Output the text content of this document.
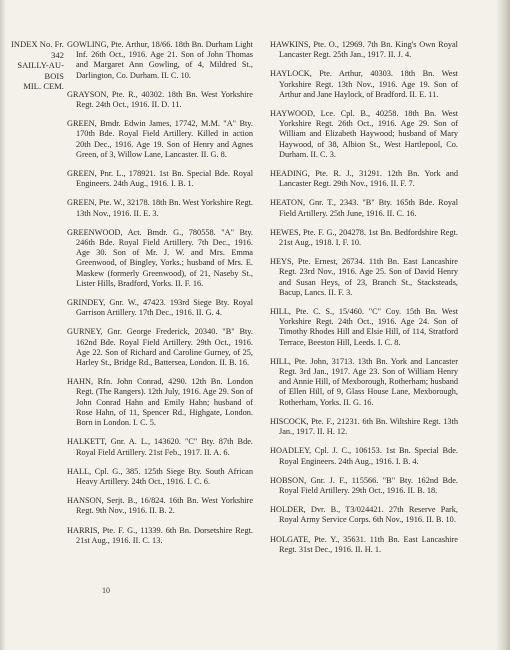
INDEX No. Fr. 342
SAILLY-AU-BOIS
MIL. CEM.

GOWLING, Pte. Arthur, 18/66. 18th Bn. Durham Light Inf. 26th Oct., 1916. Age 21. Son of John Thomas and Margaret Ann Gowling, of 4, Mildred St., Darlington, Co. Durham. II. C. 10.

GRAYSON, Pte. R., 40302. 18th Bn. West Yorkshire Regt. 24th Oct., 1916. II. D. 11.

GREEN, Bmdr. Edwin James, 17742, M.M. "A" Bty. 170th Bde. Royal Field Artillery. Killed in action 20th Dec., 1916. Age 19. Son of Henry and Agnes Green, of 3, Willow Lane, Lancaster. II. G. 8.

GREEN, Pnr. L., 178921. 1st Bn. Special Bde. Royal Engineers. 24th Aug., 1916. I. B. 1.

GREEN, Pte. W., 32178. 18th Bn. West Yorkshire Regt. 13th Nov., 1916. II. E. 3.

GREENWOOD, Act. Bmdr. G., 780558. "A" Bty. 246th Bde. Royal Field Artillery. 7th Dec., 1916. Age 30. Son of Mr. J. W. and Mrs. Emma Greenwood, of Bingley, Yorks.; husband of Mrs. E. Maskew (formerly Greenwood), of 21, Naseby St., Lister Hills, Bradford, Yorks. II. F. 16.

GRINDEY, Gnr. W., 47423. 193rd Siege Bty. Royal Garrison Artillery. 17th Dec., 1916. II. G. 4.

GURNEY, Gnr. George Frederick, 20340. "B" Bty. 162nd Bde. Royal Field Artillery. 29th Oct., 1916. Age 22. Son of Richard and Caroline Gurney, of 25, Harley St., Bridge Rd., Battersea, London. II. B. 16.

HAHN, Rfn. John Conrad, 4290. 12th Bn. London Regt. (The Rangers). 12th July, 1916. Age 29. Son of John Conrad Hahn and Emily Hahn; husband of Rose Hahn, of 11, Spencer Rd., Highgate, London. Born in London. I. C. 5.

HALKETT, Gnr. A. L., 143620. "C" Bty. 87th Bde. Royal Field Artillery. 21st Feb., 1917. II. A. 6.

HALL, Cpl. G., 385. 125th Siege Bty. South African Heavy Artillery. 24th Oct., 1916. I. C. 6.

HANSON, Serjt. B., 16/824. 16th Bn. West Yorkshire Regt. 9th Nov., 1916. II. B. 2.

HARRIS, Pte. F. G., 11339. 6th Bn. Dorsetshire Regt. 21st Aug., 1916. II. C. 13.

HAWKINS, Pte. O., 12969. 7th Bn. King's Own Royal Lancaster Regt. 25th Jan., 1917. II. J. 4.

HAYLOCK, Pte. Arthur, 40303. 18th Bn. West Yorkshire Regt. 13th Nov., 1916. Age 19. Son of Arthur and Jane Haylock, of Bradford. II. E. 11.

HAYWOOD, Lce. Cpl. B., 40258. 18th Bn. West Yorkshire Regt. 26th Oct., 1916. Age 29. Son of William and Elizabeth Haywood; husband of Mary Haywood, of 38, Albion St., West Hartlepool, Co. Durham. II. C. 3.

HEADING, Pte. R. J., 31291. 12th Bn. York and Lancaster Regt. 29th Nov., 1916. II. F. 7.

HEATON, Gnr. T., 2343. "B" Bty. 165th Bde. Royal Field Artillery. 25th June, 1916. II. C. 16.

HEWES, Pte. F. G., 204278. 1st Bn. Bedfordshire Regt. 21st Aug., 1918. I. F. 10.

HEYS, Pte. Ernest, 26734. 11th Bn. East Lancashire Regt. 23rd Nov., 1916. Age 25. Son of David Henry and Susan Heys, of 23, Branch St., Stacksteads, Bacup, Lancs. II. F. 3.

HILL, Pte. C. S., 15/460. "C" Coy. 15th Bn. West Yorkshire Regt. 24th Oct., 1916. Age 24. Son of Timothy Rhodes Hill and Elsie Hill, of 114, Stratford Terrace, Beeston Hill, Leeds. I. C. 8.

HILL, Pte. John, 31713. 13th Bn. York and Lancaster Regt. 3rd Jan., 1917. Age 23. Son of William Henry and Annie Hill, of Mexborough, Rotherham; husband of Ellen Hill, of 9, Glass House Lane, Mexborough, Rotherham, Yorks. II. G. 16.

HISCOCK, Pte. F., 21231. 6th Bn. Wiltshire Regt. 13th Jan., 1917. II. H. 12.

HOADLEY, Cpl. J. C., 106153. 1st Bn. Special Bde. Royal Engineers. 24th Aug., 1916. I. B. 4.

HOBSON, Gnr. J. F., 115566. "B" Bty. 162nd Bde. Royal Field Artillery. 29th Oct., 1916. II. B. 18.

HOLDER, Dvr. B., T3/024421. 27th Reserve Park, Royal Army Service Corps. 6th Nov., 1916. II. B. 10.

HOLGATE, Pte. Y., 35631. 11th Bn. East Lancashire Regt. 31st Dec., 1916. II. H. 1.

10
